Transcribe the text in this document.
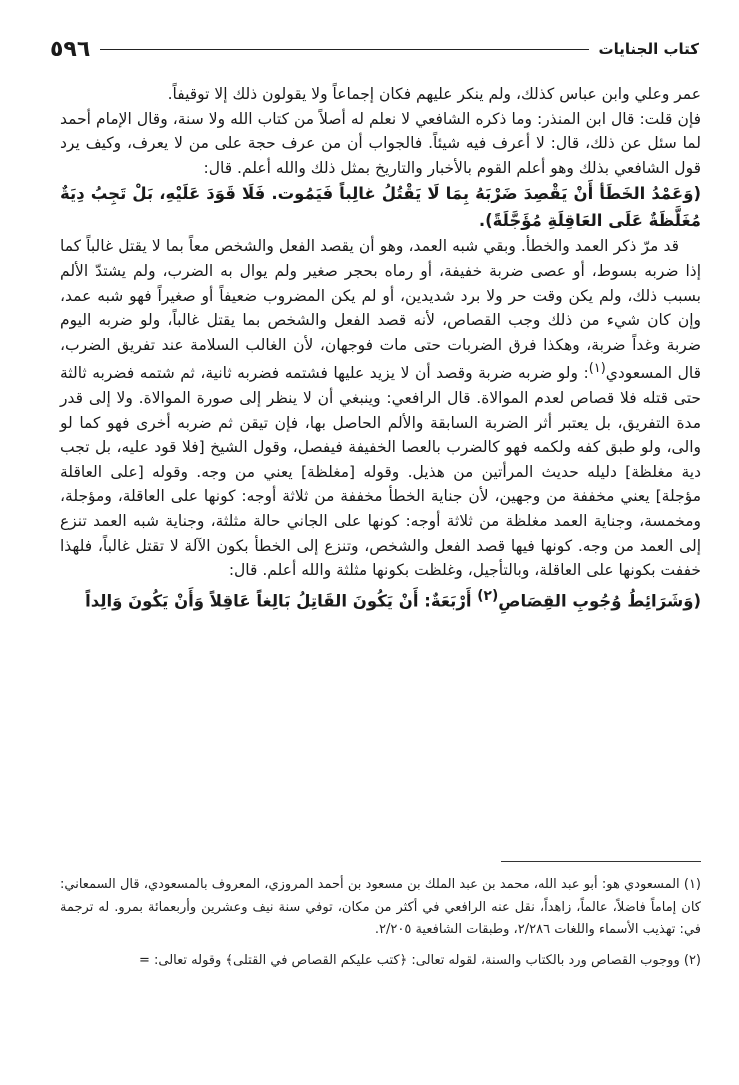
٥٩٦	كتاب الجنايات

عمر وعلي وابن عباس كذلك، ولم ينكر عليهم فكان إجماعاً ولا يقولون ذلك إلا توقيفاً.

فإن قلت: قال ابن المنذر: وما ذكره الشافعي لا نعلم له أصلاً من كتاب الله ولا سنة، وقال الإمام أحمد لما سئل عن ذلك، قال: لا أعرف فيه شيئاً. فالجواب أن من عرف حجة على من لا يعرف، وكيف يرد قول الشافعي بذلك وهو أعلم القوم بالأخبار والتاريخ بمثل ذلك والله أعلم. قال:

(وَعَمْدُ الخَطَأ أَنْ يَقْصِدَ ضَرْبَهُ بِمَا لَا يَقْتُلُ غالِباً فَيَمُوت. فَلَا قَوَدَ عَلَيْهِ، بَلْ تَجِبُ دِيَةٌ مُغَلَّظَةٌ عَلَى العَاقِلَةِ مُؤَجَّلَةً).

قد مرّ ذكر العمد والخطأ. وبقي شبه العمد، وهو أن يقصد الفعل والشخص معاً بما لا يقتل غالباً كما إذا ضربه بسوط، أو عصى ضربة خفيفة، أو رماه بحجر صغير ولم يوال به الضرب، ولم يشتدّ الألم بسبب ذلك، ولم يكن وقت حر ولا برد شديدين، أو لم يكن المضروب ضعيفاً أو صغيراً فهو شبه عمد، وإن كان شيء من ذلك وجب القصاص، لأنه قصد الفعل والشخص بما يقتل غالباً، ولو ضربه اليوم ضربة وغداً ضربة، وهكذا فرق الضربات حتى مات فوجهان، لأن الغالب السلامة عند تفريق الضرب، قال المسعودي$^{(١)}$: ولو ضربه ضربة وقصد أن لا يزيد عليها فشتمه فضربه ثانية، ثم شتمه فضربه ثالثة حتى قتله فلا قصاص لعدم الموالاة. قال الرافعي: وينبغي أن لا ينظر إلى صورة الموالاة. ولا إلى قدر مدة التفريق، بل يعتبر أثر الضربة السابقة والألم الحاصل بها، فإن تيقن ثم ضربه أخرى فهو كما لو والى، ولو طبق كفه ولكمه فهو كالضرب بالعصا الخفيفة فيفصل، وقول الشيخ [فلا قود عليه، بل تجب دية مغلظة] دليله حديث المرأتين من هذيل. وقوله [مغلظة] يعني من وجه. وقوله [على العاقلة مؤجلة] يعني مخففة من وجهين، لأن جناية الخطأ مخففة من ثلاثة أوجه: كونها على العاقلة، ومؤجلة، ومخمسة، وجناية العمد مغلظة من ثلاثة أوجه: كونها على الجاني حالة مثلثة، وجناية شبه العمد تنزع إلى العمد من وجه. كونها فيها قصد الفعل والشخص، وتنزع إلى الخطأ بكون الآلة لا تقتل غالباً، فلهذا خففت بكونها على العاقلة، وبالتأجيل، وغلظت بكونها مثلثة والله أعلم. قال:

(وَشَرَائِطُ وُجُوبِ القِصَاصِ$^{(٢)}$ أَرْبَعَةٌ: أَنْ يَكُونَ القَاتِلُ بَالِغاً عَاقِلاً وَأَنْ يَكُونَ وَالِداً

(١) المسعودي هو: أبو عبد الله، محمد بن عبد الملك بن مسعود بن أحمد المروزي، المعروف بالمسعودي، قال السمعاني: كان إماماً فاضلاً، عالماً، زاهداً، نقل عنه الرافعي في أكثر من مكان، توفي سنة نيف وعشرين وأربعمائة بمرو. له ترجمة في: تهذيب الأسماء واللغات ٢/٢٨٦، وطبقات الشافعية ٢/٢٠٥.

(٢) ووجوب القصاص ورد بالكتاب والسنة، لقوله تعالى: ﴿كتب عليكم القصاص في القتلى﴾ وقوله تعالى: =
